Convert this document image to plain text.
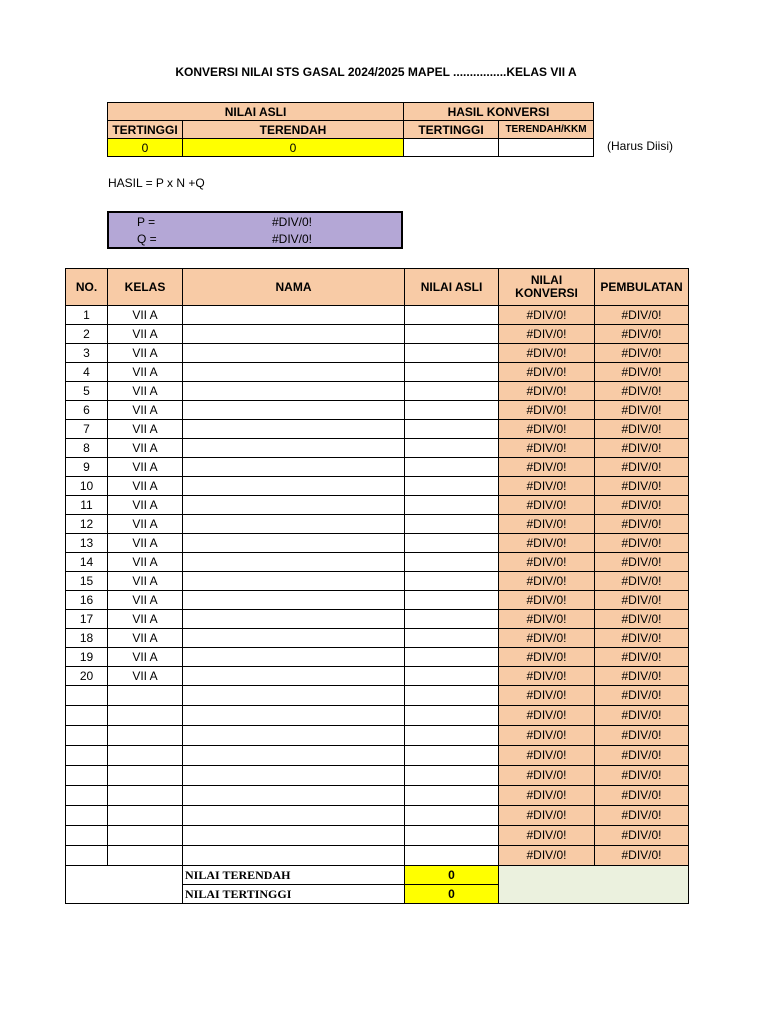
KONVERSI NILAI STS GASAL 2024/2025 MAPEL ................KELAS VII A
NILAI ASLI		HASIL KONVERSI	
TERTINGGI	TERENDAH	TERTINGGI	TERENDAH/KKM
0	0			(Harus Diisi)
HASIL = P x N +Q
P =	#DIV/0!
Q =	#DIV/0!
NO.	KELAS	NAMA	NILAI ASLI	NILAI KONVERSI	PEMBULATAN
1	VII A			#DIV/0!	#DIV/0!
2	VII A			#DIV/0!	#DIV/0!
3	VII A			#DIV/0!	#DIV/0!
4	VII A			#DIV/0!	#DIV/0!
5	VII A			#DIV/0!	#DIV/0!
6	VII A			#DIV/0!	#DIV/0!
7	VII A			#DIV/0!	#DIV/0!
8	VII A			#DIV/0!	#DIV/0!
9	VII A			#DIV/0!	#DIV/0!
10	VII A			#DIV/0!	#DIV/0!
11	VII A			#DIV/0!	#DIV/0!
12	VII A			#DIV/0!	#DIV/0!
13	VII A			#DIV/0!	#DIV/0!
14	VII A			#DIV/0!	#DIV/0!
15	VII A			#DIV/0!	#DIV/0!
16	VII A			#DIV/0!	#DIV/0!
17	VII A			#DIV/0!	#DIV/0!
18	VII A			#DIV/0!	#DIV/0!
19	VII A			#DIV/0!	#DIV/0!
20	VII A			#DIV/0!	#DIV/0!
				#DIV/0!	#DIV/0!
				#DIV/0!	#DIV/0!
				#DIV/0!	#DIV/0!
				#DIV/0!	#DIV/0!
				#DIV/0!	#DIV/0!
				#DIV/0!	#DIV/0!
				#DIV/0!	#DIV/0!
				#DIV/0!	#DIV/0!
				#DIV/0!	#DIV/0!
		NILAI TERENDAH	0		
		NILAI TERTINGGI	0		
